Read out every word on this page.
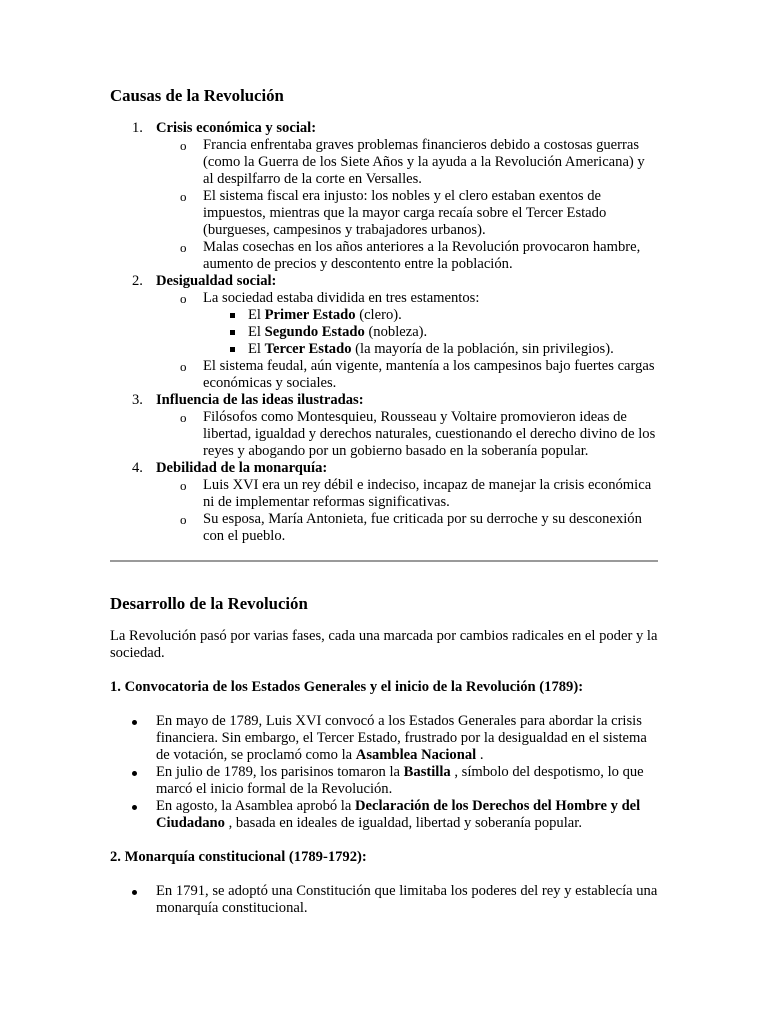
Causas de la Revolución
1. Crisis económica y social:
o Francia enfrentaba graves problemas financieros debido a costosas guerras (como la Guerra de los Siete Años y la ayuda a la Revolución Americana) y al despilfarro de la corte en Versalles.
o El sistema fiscal era injusto: los nobles y el clero estaban exentos de impuestos, mientras que la mayor carga recaía sobre el Tercer Estado (burgueses, campesinos y trabajadores urbanos).
o Malas cosechas en los años anteriores a la Revolución provocaron hambre, aumento de precios y descontento entre la población.
2. Desigualdad social:
o La sociedad estaba dividida en tres estamentos:
El Primer Estado (clero).
El Segundo Estado (nobleza).
El Tercer Estado (la mayoría de la población, sin privilegios).
o El sistema feudal, aún vigente, mantenía a los campesinos bajo fuertes cargas económicas y sociales.
3. Influencia de las ideas ilustradas:
o Filósofos como Montesquieu, Rousseau y Voltaire promovieron ideas de libertad, igualdad y derechos naturales, cuestionando el derecho divino de los reyes y abogando por un gobierno basado en la soberanía popular.
4. Debilidad de la monarquía:
o Luis XVI era un rey débil e indeciso, incapaz de manejar la crisis económica ni de implementar reformas significativas.
o Su esposa, María Antonieta, fue criticada por su derroche y su desconexión con el pueblo.
Desarrollo de la Revolución

La Revolución pasó por varias fases, cada una marcada por cambios radicales en el poder y la sociedad.

1. Convocatoria de los Estados Generales y el inicio de la Revolución (1789):

En mayo de 1789, Luis XVI convocó a los Estados Generales para abordar la crisis financiera. Sin embargo, el Tercer Estado, frustrado por la desigualdad en el sistema de votación, se proclamó como la Asamblea Nacional .
En julio de 1789, los parisinos tomaron la Bastilla , símbolo del despotismo, lo que marcó el inicio formal de la Revolución.
En agosto, la Asamblea aprobó la Declaración de los Derechos del Hombre y del Ciudadano , basada en ideales de igualdad, libertad y soberanía popular.

2. Monarquía constitucional (1789-1792):

En 1791, se adoptó una Constitución que limitaba los poderes del rey y establecía una monarquía constitucional.
